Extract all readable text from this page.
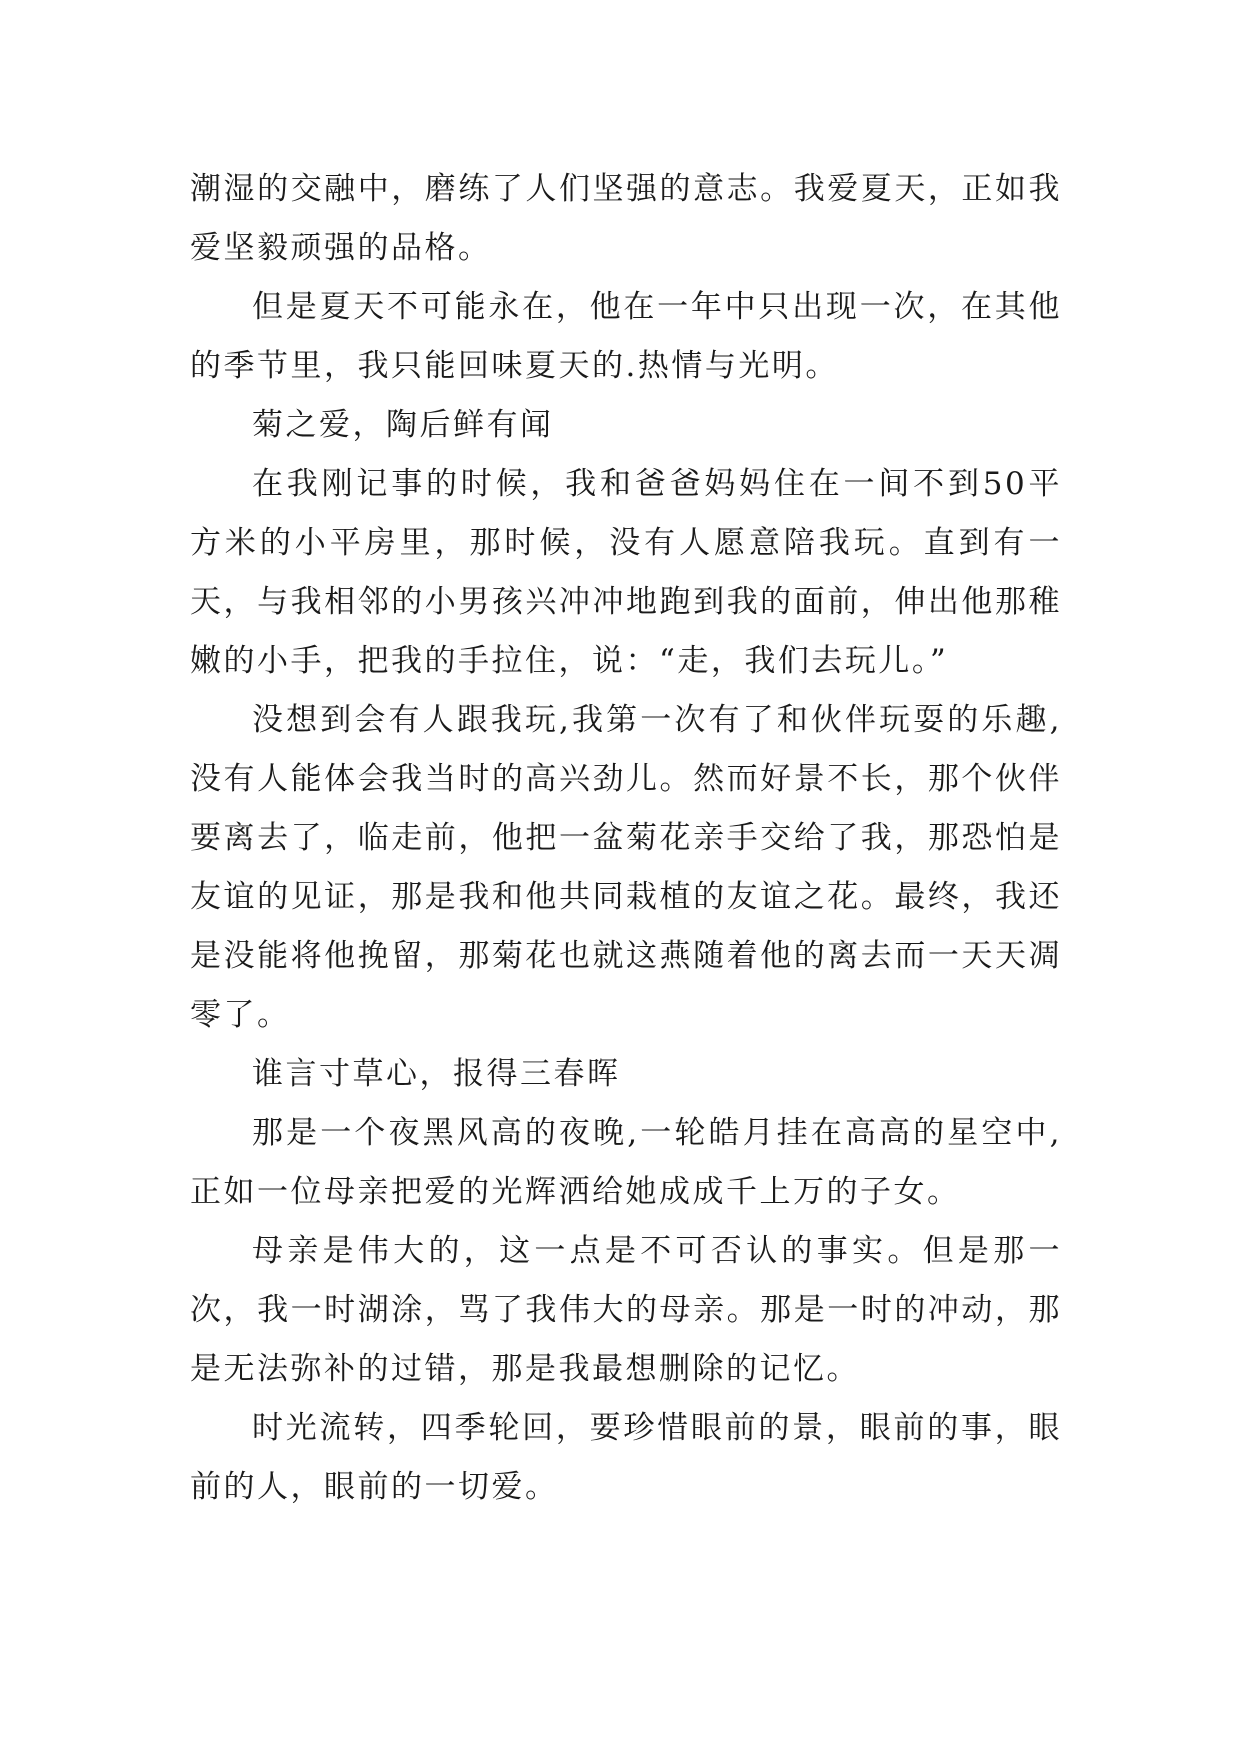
潮湿的交融中，磨练了人们坚强的意志。我爱夏天，正如我爱坚毅顽强的品格。

但是夏天不可能永在，他在一年中只出现一次，在其他的季节里，我只能回味夏天的.热情与光明。

菊之爱，陶后鲜有闻

在我刚记事的时候，我和爸爸妈妈住在一间不到50平方米的小平房里，那时候，没有人愿意陪我玩。直到有一天，与我相邻的小男孩兴冲冲地跑到我的面前，伸出他那稚嫩的小手，把我的手拉住，说：“走，我们去玩儿。”

没想到会有人跟我玩,我第一次有了和伙伴玩耍的乐趣,没有人能体会我当时的高兴劲儿。然而好景不长，那个伙伴要离去了，临走前，他把一盆菊花亲手交给了我，那恐怕是友谊的见证，那是我和他共同栽植的友谊之花。最终，我还是没能将他挽留，那菊花也就这燕随着他的离去而一天天凋零了。

谁言寸草心，报得三春晖

那是一个夜黑风高的夜晚,一轮皓月挂在高高的星空中,正如一位母亲把爱的光辉洒给她成成千上万的子女。

母亲是伟大的，这一点是不可否认的事实。但是那一次，我一时湖涂，骂了我伟大的母亲。那是一时的冲动，那是无法弥补的过错，那是我最想删除的记忆。

时光流转，四季轮回，要珍惜眼前的景，眼前的事，眼前的人，眼前的一切爱。
